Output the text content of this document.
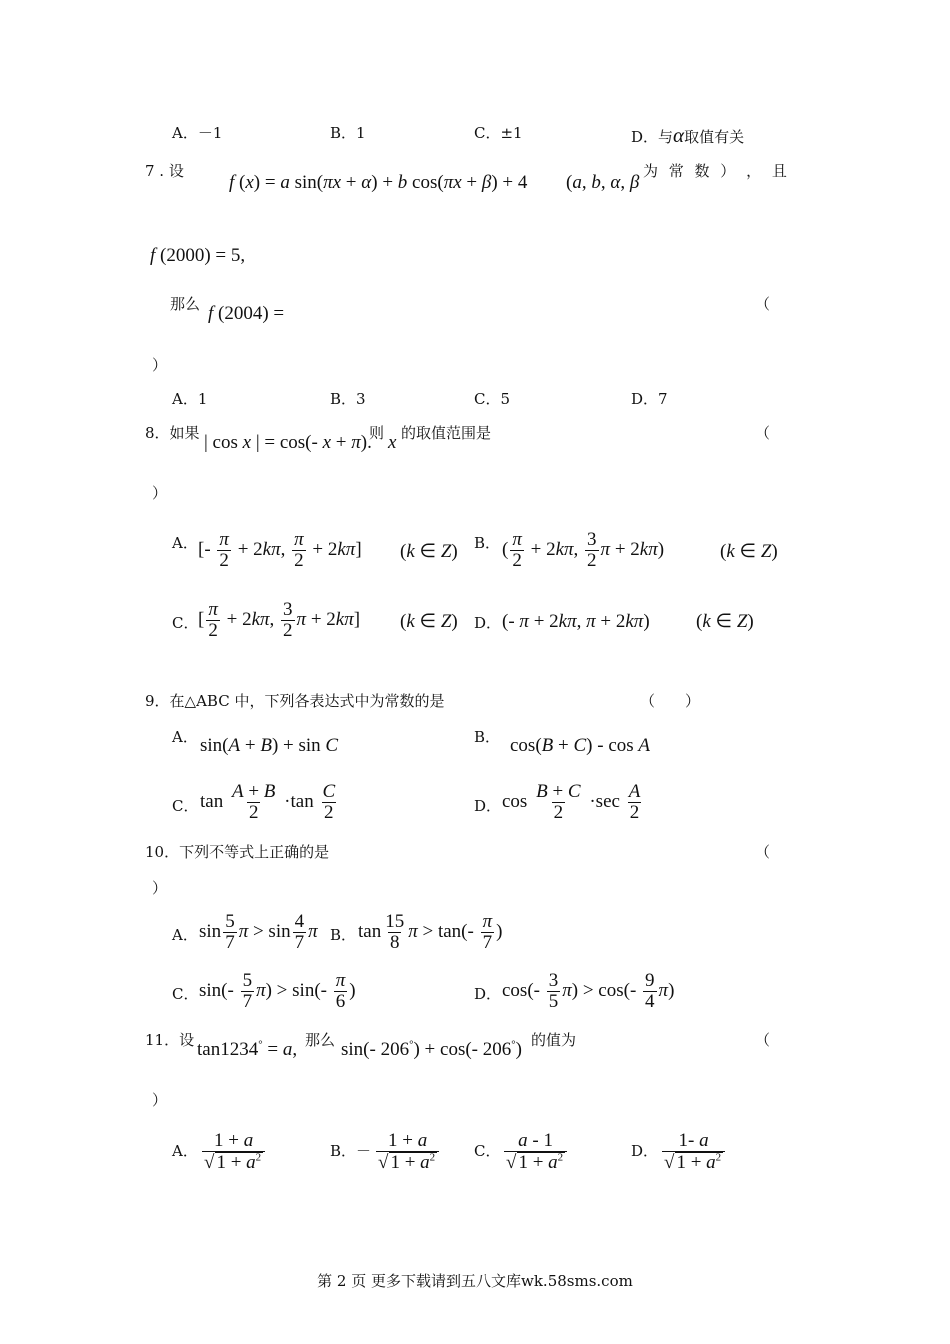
A．－1	B．1	C．±1	D．与α取值有关
7 . 设
f (x) = a sin(πx + α) + b cos(πx + β) + 4 (a, b, α, β
为 常 数 ） ， 且
f (2000) = 5,
那么 f (2004) =	（
）
A．1	B．3	C．5	D．7
8．如果 | cos x | = cos(- x + π).
则 x 的取值范围是	（
）
A． [- $\frac{\pi}{2} + 2k\pi$, $\frac{\pi}{2} + 2k\pi$] (k ∈ Z) B． ( $\frac{\pi}{2} + 2k\pi$, $\frac{3}{2}$ π + 2kπ)	(k ∈ Z)
C． [ $\frac{\pi}{2} + 2k\pi$, $\frac{3}{2}$ π + 2kπ] (k ∈ Z) D． (- π + 2kπ, π + 2kπ) (k ∈ Z)
9．在△ABC 中，下列各表达式中为常数的是	（　　）
A． sin(A + B) + sin C	B． cos(B + C) - cos A
C． $\tan \frac{A + B}{2} \cdot\tan \frac{C}{2}$	D． $\cos \frac{B + C}{2} \cdot\sec \frac{A}{2}$
10．下列不等式上正确的是	（
）
A． $\sin \frac{5}{7}$ $\pi > \sin \frac{4}{7}$ π B． $\tan \frac{15}{8}$ $\pi > \tan(- \frac{\pi}{7}$ )
C． $\sin(- \frac{5}{7} \pi) > \sin(- \frac{\pi}{6}$ )	D． $\cos(- \frac{3}{5} \pi) > \cos(- \frac{9}{4} \pi)$
11．设 tan1234° = a, 那么 sin(- 206°) + cos(- 206°) 的值为	（
）
A． $\frac{1 + a}{√ 1 + a^2}$	B．－ $\frac{1 + a}{√ 1 + a^2}$ C． $\frac{a - 1}{√ 1 + a^2}$	D． $\frac{1- a}{√ 1 + a^2}$
第 2 页 更多下载请到五八文库wk.58sms.com
